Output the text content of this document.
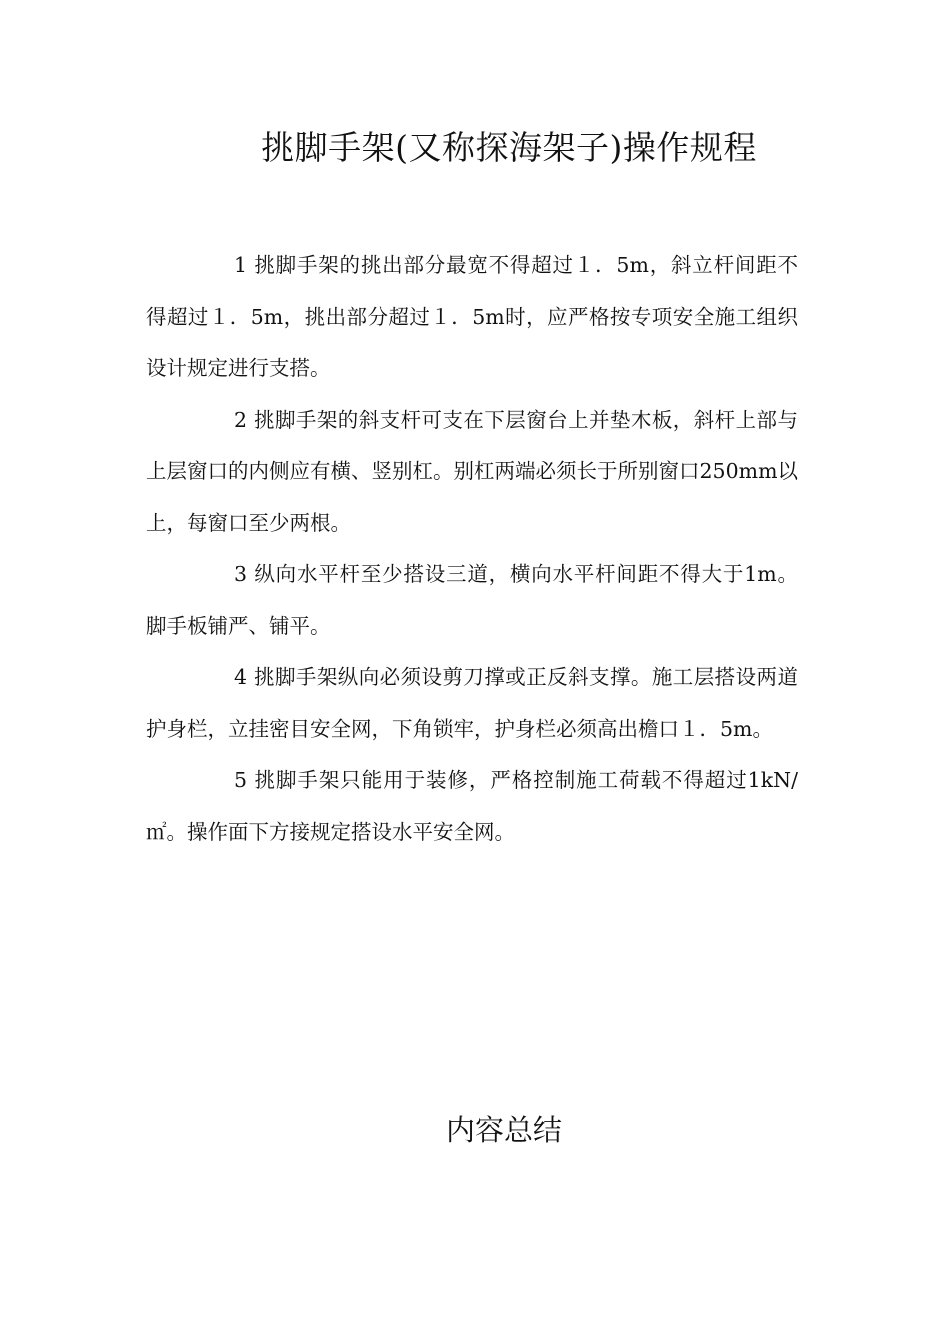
挑脚手架(又称探海架子)操作规程

1 挑脚手架的挑出部分最宽不得超过１．5m，斜立杆间距不得超过１．5m，挑出部分超过１．5m时，应严格按专项安全施工组织设计规定进行支搭。

2 挑脚手架的斜支杆可支在下层窗台上并垫木板，斜杆上部与上层窗口的内侧应有横、竖别杠。别杠两端必须长于所别窗口250mm以上，每窗口至少两根。

3 纵向水平杆至少搭设三道，横向水平杆间距不得大于1m。脚手板铺严、铺平。

4 挑脚手架纵向必须设剪刀撑或正反斜支撑。施工层搭设两道护身栏，立挂密目安全网，下角锁牢，护身栏必须高出檐口１．5m。

5 挑脚手架只能用于装修，严格控制施工荷载不得超过1kN/㎡。操作面下方接规定搭设水平安全网。

内容总结
